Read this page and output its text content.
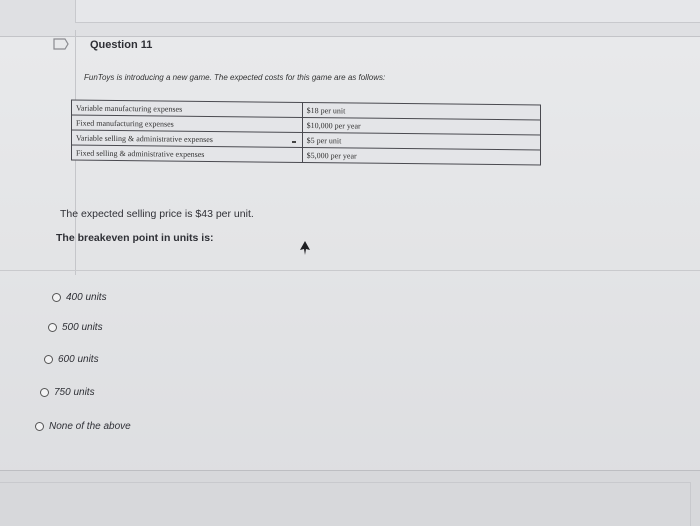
Question 11
FunToys is introducing a new game. The expected costs for this game are as follows:
Variable manufacturing expenses	$18 per unit
Fixed manufacturing expenses	$10,000 per year
Variable selling & administrative expenses	$5 per unit
Fixed selling & administrative expenses	$5,000 per year
The expected selling price is $43 per unit.
The breakeven point in units is:
400 units
500 units
600 units
750 units
None of the above
